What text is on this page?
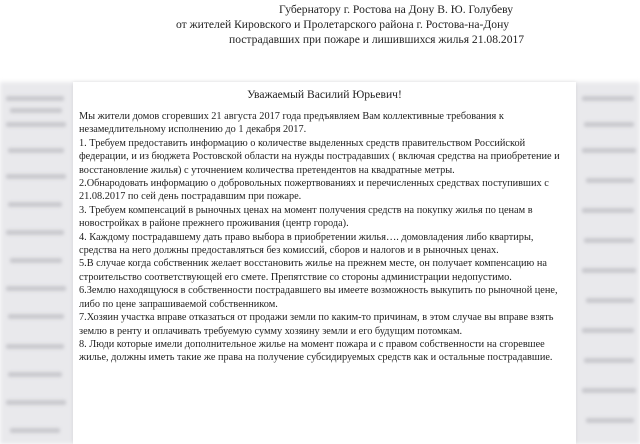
Губернатору г. Ростова на Дону В. Ю. Голубеву
от жителей Кировского и Пролетарского района г. Ростова-на-Дону
пострадавших при пожаре и лишившихся жилья 21.08.2017
Уважаемый Василий Юрьевич!

Мы жители домов сгоревших 21 августа 2017 года предъявляем Вам коллективные требования к незамедлительному исполнению до 1 декабря 2017.

1. Требуем предоставить информацию о количестве выделенных средств правительством Российской федерации, и из бюджета Ростовской области на нужды пострадавших ( включая средства на приобретение и восстановление жилья) с уточнением количества претендентов на квадратные метры.

2.Обнародовать информацию о добровольных пожертвованиях и перечисленных средствах поступивших с 21.08.2017 по сей день пострадавшим при пожаре.

3. Требуем компенсаций в рыночных ценах на момент получения средств на покупку жилья по ценам в новостройках в районе прежнего проживания (центр города).

4. Каждому пострадавшему дать право выбора в приобретении жилья…. домовладения либо квартиры, средства на него должны предоставляться без комиссий, сборов и налогов и в рыночных ценах.

5.В случае когда собственник желает восстановить жилье на прежнем месте, он получает компенсацию на строительство соответствующей его смете. Препятствие со стороны администрации недопустимо.

6.Землю находящуюся в собственности пострадавшего вы имеете возможность выкупить по рыночной цене, либо по цене запрашиваемой собственником.

7.Хозяин участка вправе отказаться от продажи земли по каким-то причинам, в этом случае вы вправе взять землю в ренту и оплачивать требуемую сумму хозяину земли и его будущим потомкам.

8. Люди которые имели дополнительное жилье на момент пожара и с правом собственности на сгоревшее жилье, должны иметь такие же права на получение субсидируемых средств как и остальные пострадавшие.
